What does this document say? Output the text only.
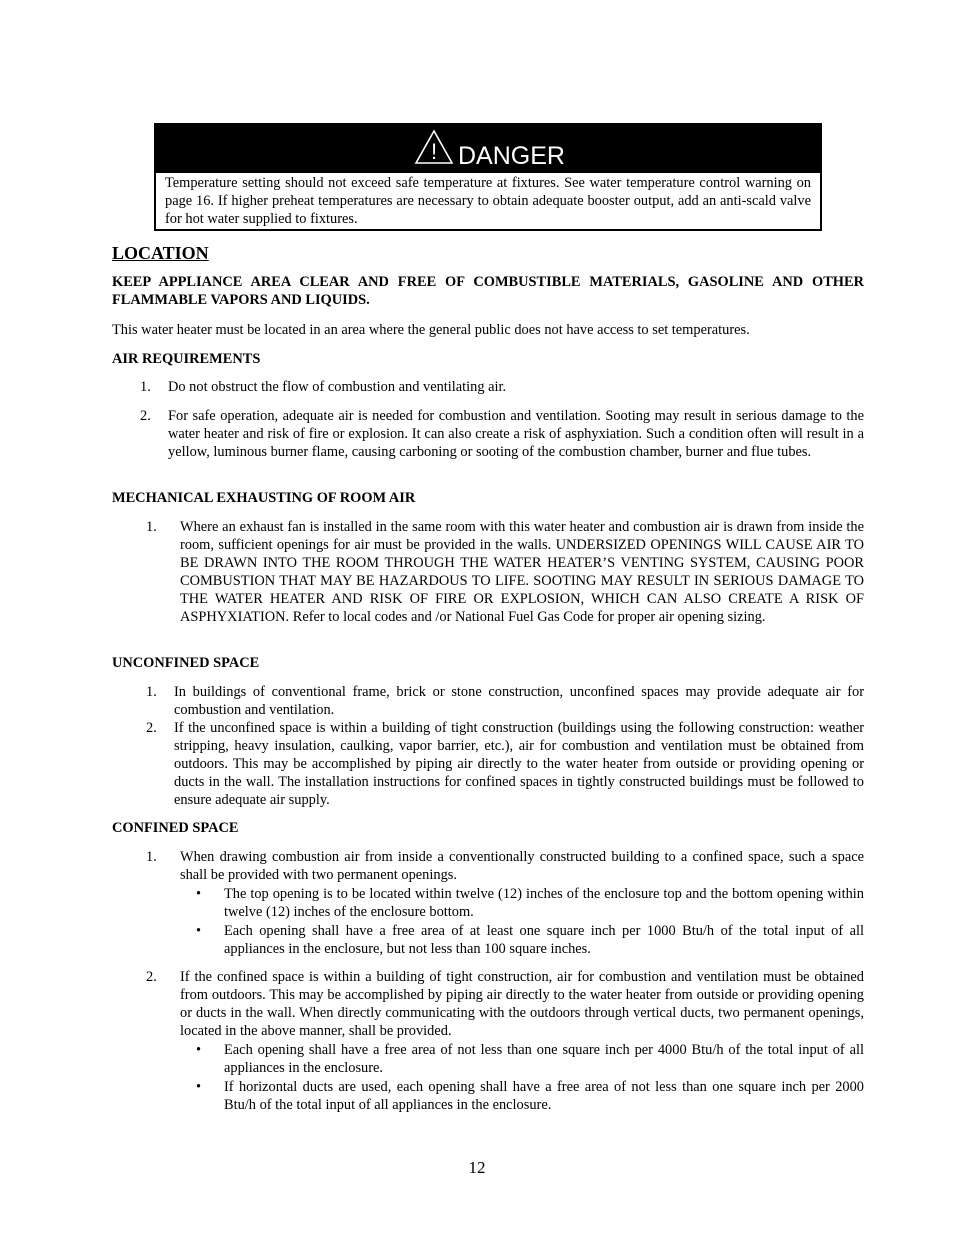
! DANGER
Temperature setting should not exceed safe temperature at fixtures. See water temperature control warning on page 16. If higher preheat temperatures are necessary to obtain adequate booster output, add an anti-scald valve for hot water supplied to fixtures.
LOCATION
KEEP APPLIANCE AREA CLEAR AND FREE OF COMBUSTIBLE MATERIALS, GASOLINE AND OTHER FLAMMABLE VAPORS AND LIQUIDS.
This water heater must be located in an area where the general public does not have access to set temperatures.
AIR REQUIREMENTS
1. Do not obstruct the flow of combustion and ventilating air.
2. For safe operation, adequate air is needed for combustion and ventilation. Sooting may result in serious damage to the water heater and risk of fire or explosion. It can also create a risk of asphyxiation. Such a condition often will result in a yellow, luminous burner flame, causing carboning or sooting of the combustion chamber, burner and flue tubes.
MECHANICAL EXHAUSTING OF ROOM AIR
1. Where an exhaust fan is installed in the same room with this water heater and combustion air is drawn from inside the room, sufficient openings for air must be provided in the walls. UNDERSIZED OPENINGS WILL CAUSE AIR TO BE DRAWN INTO THE ROOM THROUGH THE WATER HEATER’S VENTING SYSTEM, CAUSING POOR COMBUSTION THAT MAY BE HAZARDOUS TO LIFE. SOOTING MAY RESULT IN SERIOUS DAMAGE TO THE WATER HEATER AND RISK OF FIRE OR EXPLOSION, WHICH CAN ALSO CREATE A RISK OF ASPHYXIATION. Refer to local codes and /or National Fuel Gas Code for proper air opening sizing.
UNCONFINED SPACE
1. In buildings of conventional frame, brick or stone construction, unconfined spaces may provide adequate air for combustion and ventilation.
2. If the unconfined space is within a building of tight construction (buildings using the following construction: weather stripping, heavy insulation, caulking, vapor barrier, etc.), air for combustion and ventilation must be obtained from outdoors. This may be accomplished by piping air directly to the water heater from outside or providing opening or ducts in the wall. The installation instructions for confined spaces in tightly constructed buildings must be followed to ensure adequate air supply.
CONFINED SPACE
1. When drawing combustion air from inside a conventionally constructed building to a confined space, such a space shall be provided with two permanent openings.
• The top opening is to be located within twelve (12) inches of the enclosure top and the bottom opening within twelve (12) inches of the enclosure bottom.
• Each opening shall have a free area of at least one square inch per 1000 Btu/h of the total input of all appliances in the enclosure, but not less than 100 square inches.
2. If the confined space is within a building of tight construction, air for combustion and ventilation must be obtained from outdoors. This may be accomplished by piping air directly to the water heater from outside or providing opening or ducts in the wall. When directly communicating with the outdoors through vertical ducts, two permanent openings, located in the above manner, shall be provided.
• Each opening shall have a free area of not less than one square inch per 4000 Btu/h of the total input of all appliances in the enclosure.
• If horizontal ducts are used, each opening shall have a free area of not less than one square inch per 2000 Btu/h of the total input of all appliances in the enclosure.
12
